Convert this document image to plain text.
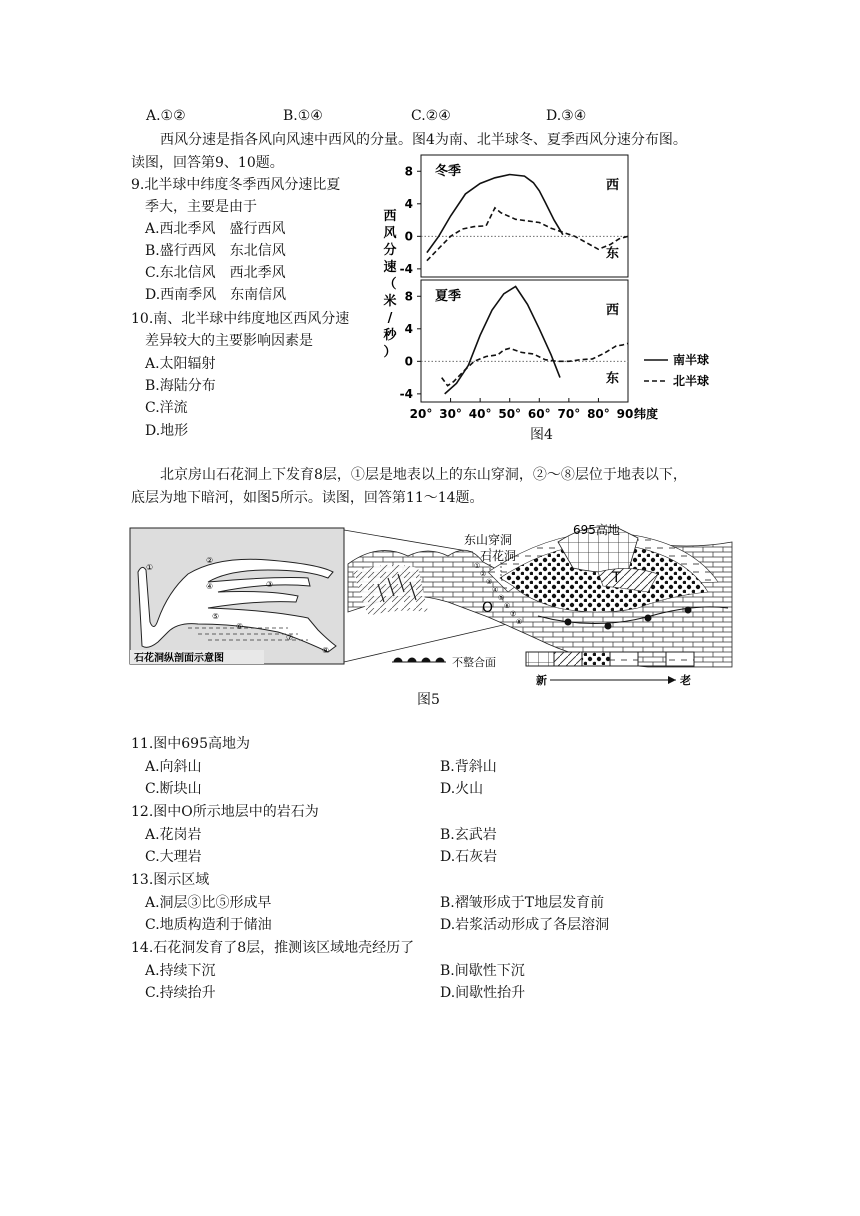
A.①②	B.①④	C.②④	D.③④
西风分速是指各风向风速中西风的分量。图4为南、北半球冬、夏季西风分速分布图。
读图，回答第9、10题。
9.北半球中纬度冬季西风分速比夏
季大，主要是由于
A.西北季风　盛行西风
B.盛行西风　东北信风
C.东北信风　西北季风
D.西南季风　东南信风
10.南、北半球中纬度地区西风分速
差异较大的主要影响因素是
A.太阳辐射
B.海陆分布
C.洋流
D.地形
西风分速（米/秒）
8
4
0
-4
冬季
西
东
8
4
0
-4
夏季
西
东
20° 30° 40° 50° 60° 70° 80° 90°
纬度
南半球
北半球
图4
北京房山石花洞上下发育8层，①层是地表以上的东山穿洞，②～⑧层位于地表以下，
底层为地下暗河，如图5所示。读图，回答第11～14题。
①
②
③
④
⑤
⑥
⑦
⑧
石花洞纵剖面示意图
东山穿洞
石花洞
695高地
T
O
①
②
③
④
⑤
⑥
⑦
⑧
不整合面
新	老
图5
11.图中695高地为
A.向斜山	B.背斜山
C.断块山	D.火山
12.图中O所示地层中的岩石为
A.花岗岩	B.玄武岩
C.大理岩	D.石灰岩
13.图示区域
A.洞层③比⑤形成早	B.褶皱形成于T地层发育前
C.地质构造利于储油	D.岩浆活动形成了各层溶洞
14.石花洞发育了8层，推测该区域地壳经历了
A.持续下沉	B.间歇性下沉
C.持续抬升	D.间歇性抬升
